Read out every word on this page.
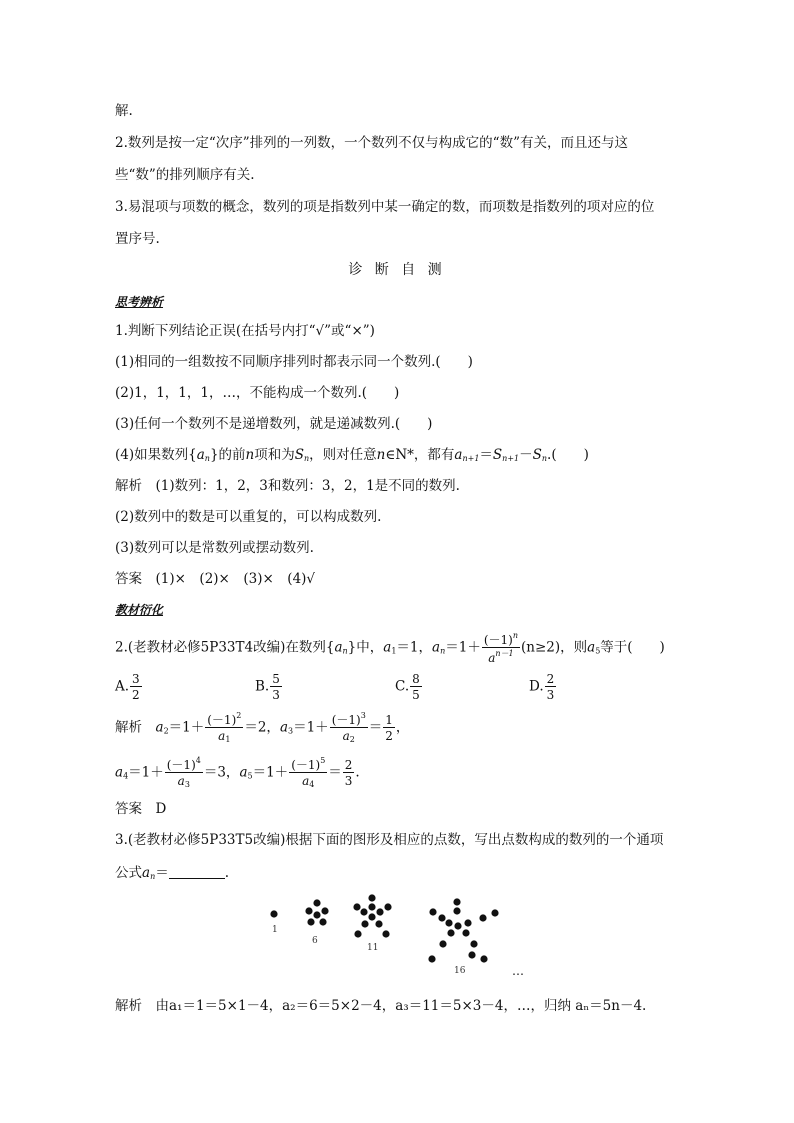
解.
2.数列是按一定“次序”排列的一列数，一个数列不仅与构成它的“数”有关，而且还与这
些“数”的排列顺序有关.
3.易混项与项数的概念，数列的项是指数列中某一确定的数，而项数是指数列的项对应的位
置序号.
诊 断 自 测
思考辨析
1.判断下列结论正误(在括号内打“√”或“×”)
(1)相同的一组数按不同顺序排列时都表示同一个数列.(　　)
(2)1，1，1，1，…，不能构成一个数列.(　　)
(3)任何一个数列不是递增数列，就是递减数列.(　　)
(4)如果数列$\{a_n\}$的前n项和为$S_n$，则对任意n∈N*，都有$a_{n+1}=S_{n+1}-S_n$.(　　)
解析　 (1)数列：1，2，3和数列：3，2，1是不同的数列.
(2)数列中的数是可以重复的，可以构成数列.
(3)数列可以是常数列或摆动数列.
答案　 (1)×　(2)×　(3)×　(4)√
教材衍化
2.(老教材必修5P33T4改编)在数列$\{a_n\}$中，$a_1=1$，$a_n=1+ \frac{(-1)^n}{a^{n-1}} (n\ge 2)$，则$a_5$等于(　　)
A. $\frac{3}{2}$	B. $\frac{5}{3}$	C. $\frac{8}{5}$	D. $\frac{2}{3}$
解析　 $a_2=1+ \frac{(-1)^2}{a_1} =2$，$a_3=1+ \frac{(-1)^3}{a_2} = \frac{1}{2}$ ，
$a_4=1+ \frac{(-1)^4}{a_3} =3$，$a_5=1+ \frac{(-1)^5}{a_4} = \frac{2}{3}$ .
答案　 D
3.(老教材必修5P33T5改编)根据下面的图形及相应的点数，写出点数构成的数列的一个通项
公式$a_n=$	.
1
6
11
16	…
解析　 由a₁＝1＝5×1－4，a₂＝6＝5×2－4，a₃＝11＝5×3－4，…，归纳 aₙ＝5n－4.
